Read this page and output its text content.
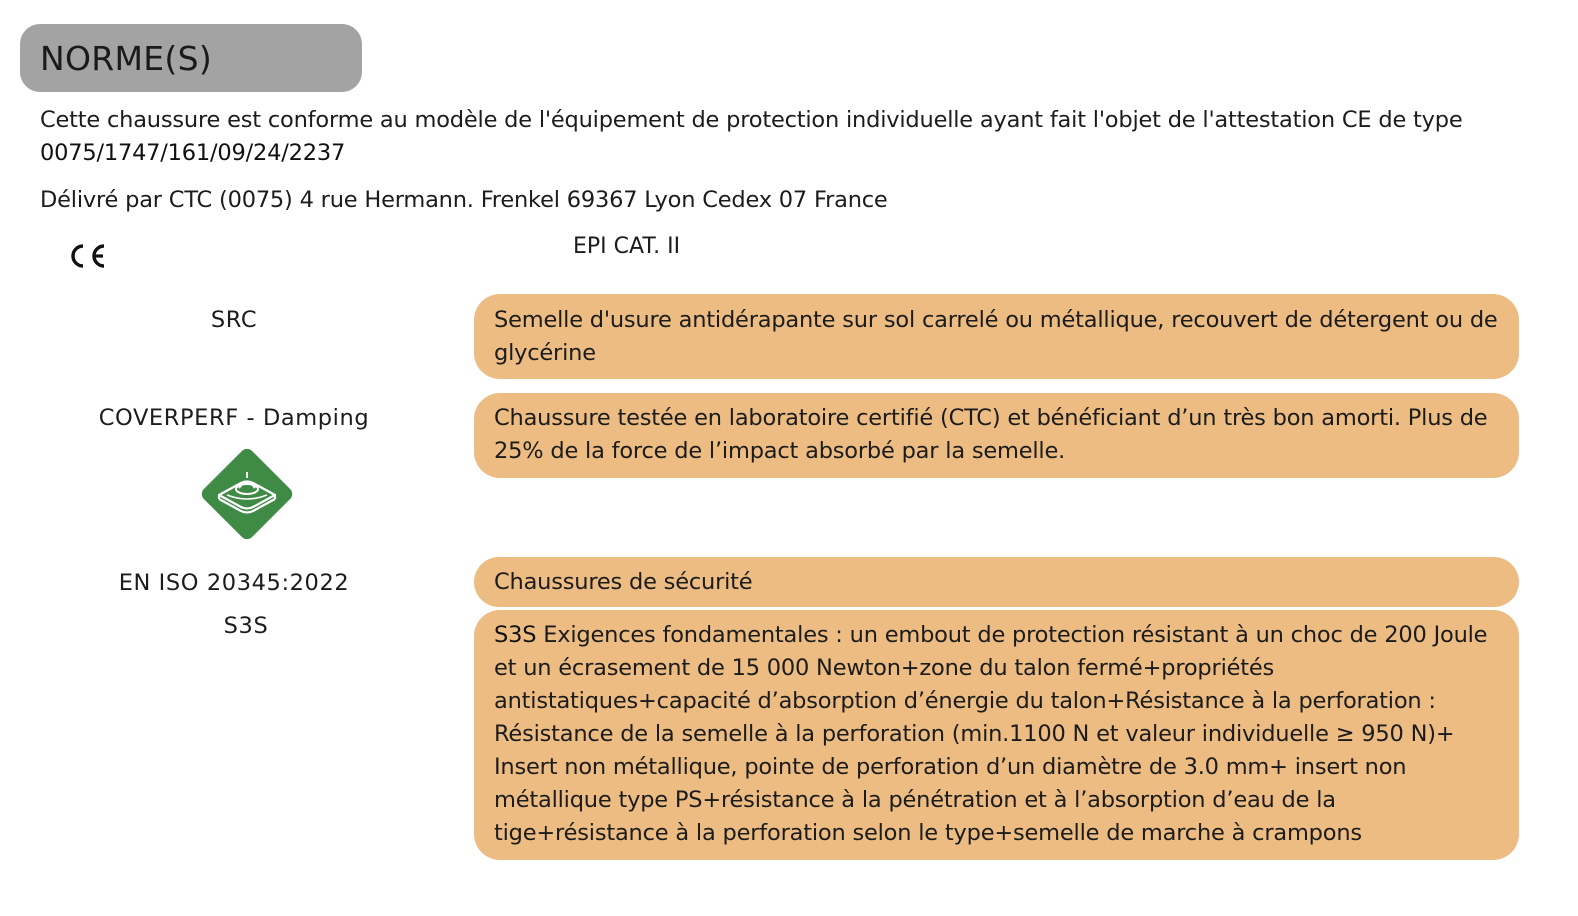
NORME(S)
Cette chaussure est conforme au modèle de l'équipement de protection individuelle ayant fait l'objet de l'attestation CE de type 0075/1747/161/09/24/2237
Délivré par CTC (0075) 4 rue Hermann. Frenkel 69367 Lyon Cedex 07 France
EPI CAT. II
SRC	Semelle d'usure antidérapante sur sol carrelé ou métallique, recouvert de détergent ou de glycérine
COVERPERF - Damping	Chaussure testée en laboratoire certifié (CTC) et bénéficiant d’un très bon amorti. Plus de 25% de la force de l’impact absorbé par la semelle.
EN ISO 20345:2022	Chaussures de sécurité
S3S	S3S Exigences fondamentales : un embout de protection résistant à un choc de 200 Joule et un écrasement de 15 000 Newton+zone du talon fermé+propriétés antistatiques+capacité d’absorption d’énergie du talon+Résistance à la perforation : Résistance de la semelle à la perforation (min.1100 N et valeur individuelle ≥ 950 N)+ Insert non métallique, pointe de perforation d’un diamètre de 3.0 mm+ insert non métallique type PS+résistance à la pénétration et à l’absorption d’eau de la tige+résistance à la perforation selon le type+semelle de marche à crampons
